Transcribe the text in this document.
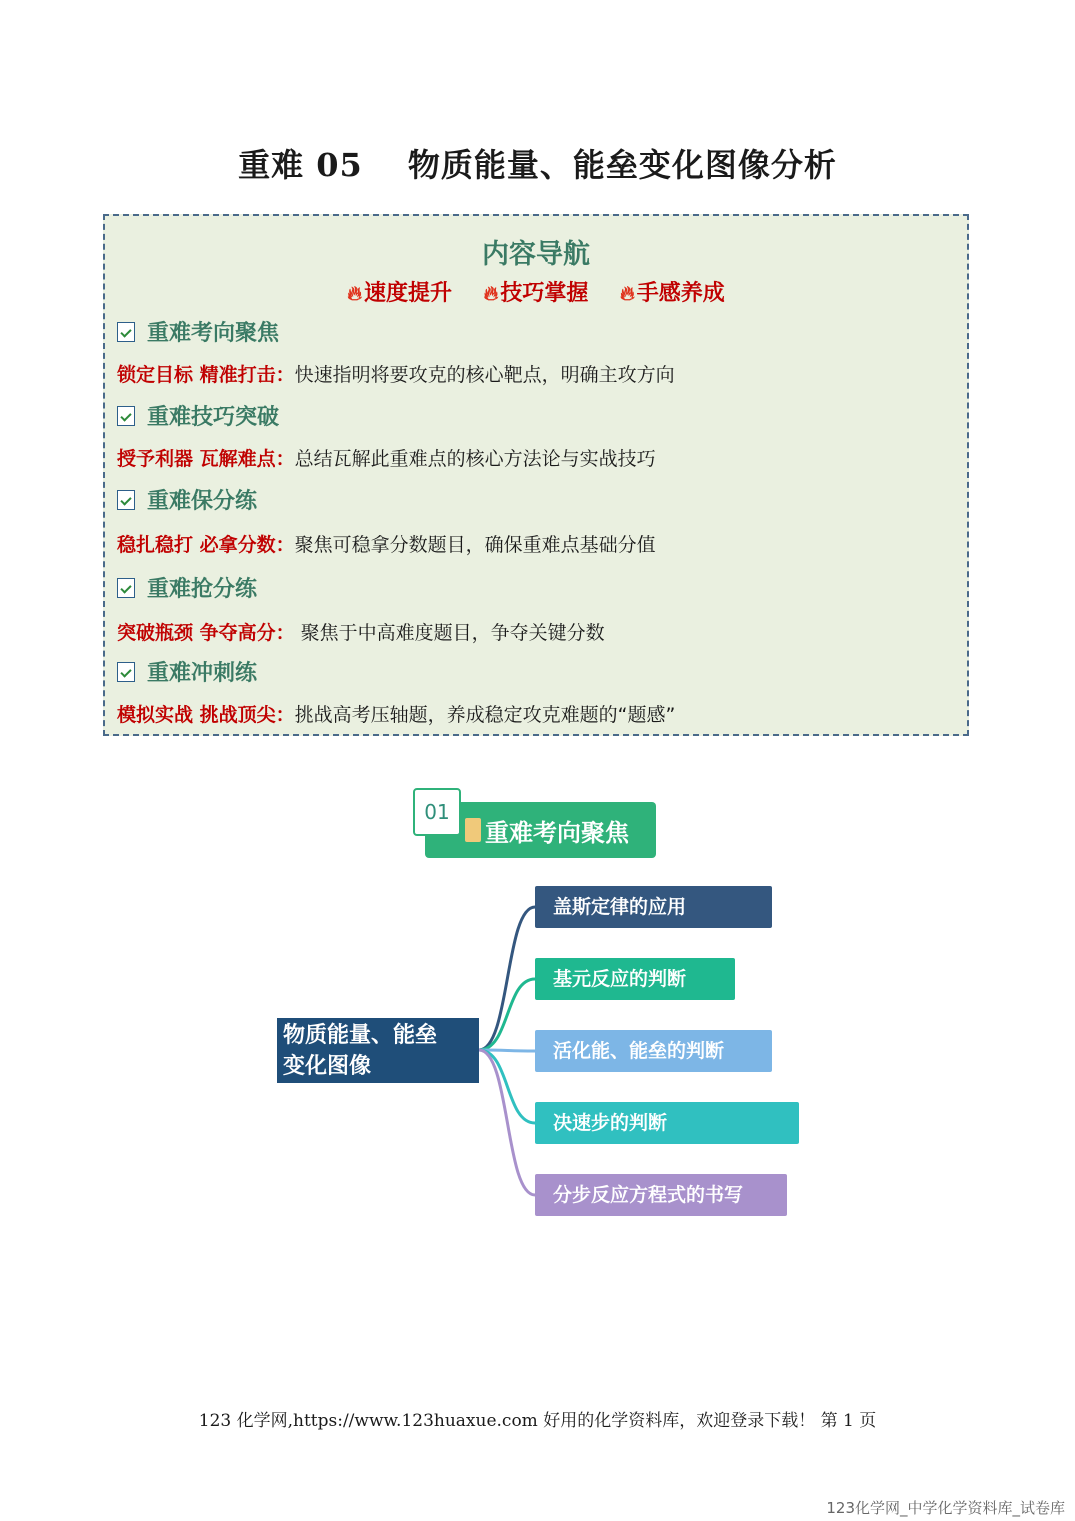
重难 05　 物质能量、能垒变化图像分析
内容导航
🔥︎速度提升 🔥︎技巧掌握 🔥︎手感养成
重难考向聚焦
锁定目标 精准打击：快速指明将要攻克的核心靶点，明确主攻方向
重难技巧突破
授予利器 瓦解难点：总结瓦解此重难点的核心方法论与实战技巧
重难保分练
稳扎稳打 必拿分数：聚焦可稳拿分数题目，确保重难点基础分值
重难抢分练
突破瓶颈 争夺高分： 聚焦于中高难度题目，争夺关键分数
重难冲刺练
模拟实战 挑战顶尖：挑战高考压轴题，养成稳定攻克难题的“题感”
01
重难考向聚焦
物质能量、能垒
变化图像
盖斯定律的应用
基元反应的判断
活化能、能垒的判断
决速步的判断
分步反应方程式的书写
123 化学网,https://www.123huaxue.com 好用的化学资料库，欢迎登录下载！ 第 1 页
123化学网_中学化学资料库_试卷库
